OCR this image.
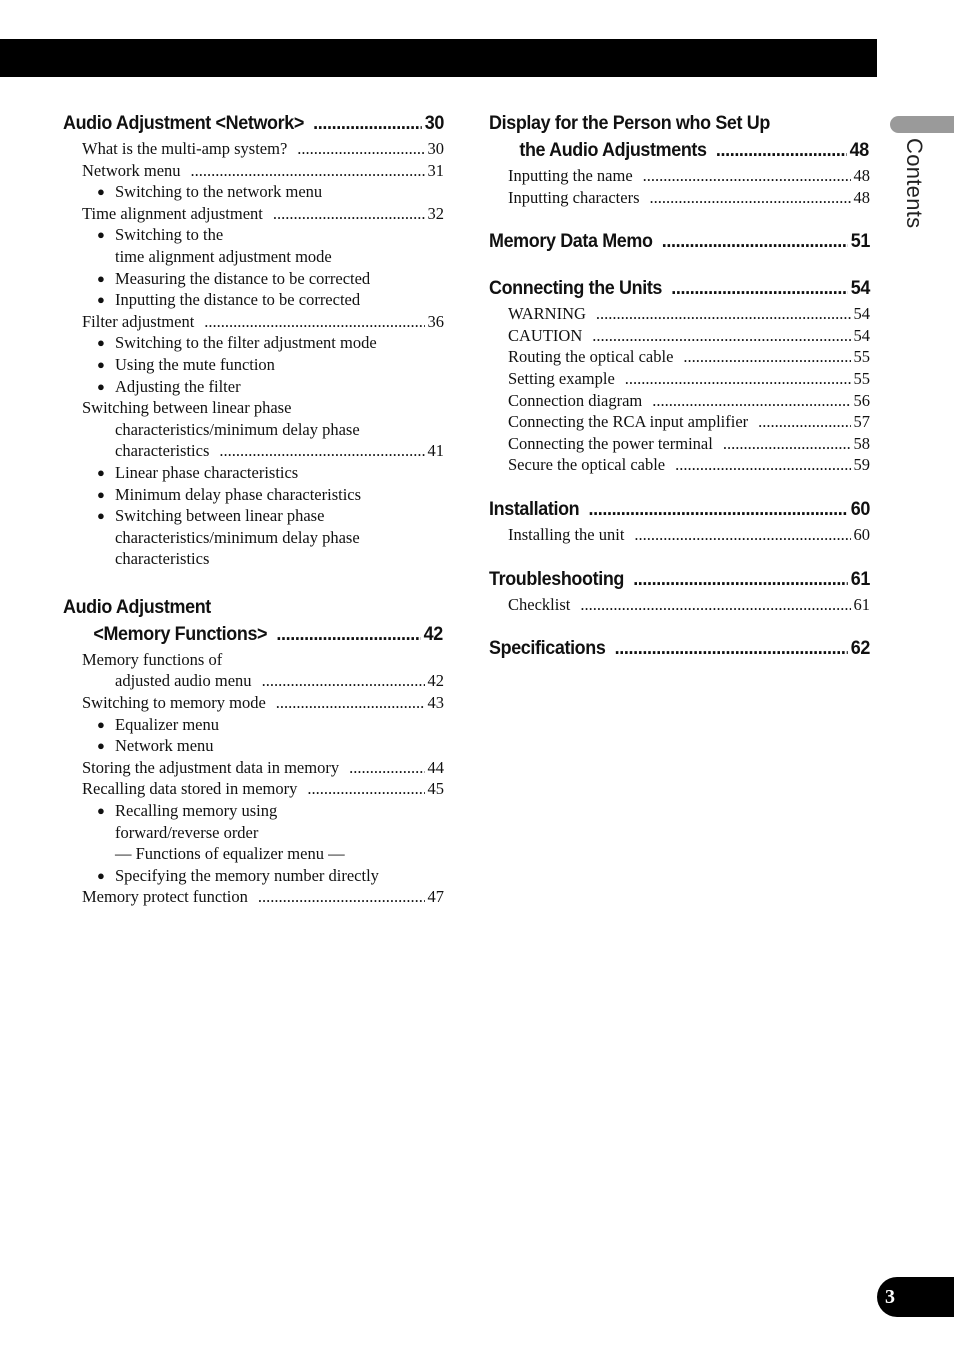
Audio Adjustment <Network> .....	30
What is the multi-amp system? .....	30
Network menu .....	31
● Switching to the network menu
Time alignment adjustment .....	32
● Switching to the
time alignment adjustment mode
● Measuring the distance to be corrected
● Inputting the distance to be corrected
Filter adjustment .....	36
● Switching to the filter adjustment mode
● Using the mute function
● Adjusting the filter
Switching between linear phase
characteristics/minimum delay phase
characteristics .....	41
● Linear phase characteristics
● Minimum delay phase characteristics
● Switching between linear phase
characteristics/minimum delay phase
characteristics
Audio Adjustment
<Memory Functions> .....	42
Memory functions of
adjusted audio menu .....	42
Switching to memory mode .....	43
● Equalizer menu
● Network menu
Storing the adjustment data in memory .....	44
Recalling data stored in memory .....	45
● Recalling memory using
forward/reverse order
— Functions of equalizer menu —
● Specifying the memory number directly
Memory protect function .....	47
Display for the Person who Set Up
the Audio Adjustments .....	48
Inputting the name .....	48
Inputting characters .....	48
Memory Data Memo .....	51
Connecting the Units .....	54
WARNING .....	54
CAUTION .....	54
Routing the optical cable .....	55
Setting example .....	55
Connection diagram .....	56
Connecting the RCA input amplifier .....	57
Connecting the power terminal .....	58
Secure the optical cable .....	59
Installation .....	60
Installing the unit .....	60
Troubleshooting .....	61
Checklist .....	61
Specifications .....	62
Contents
3
